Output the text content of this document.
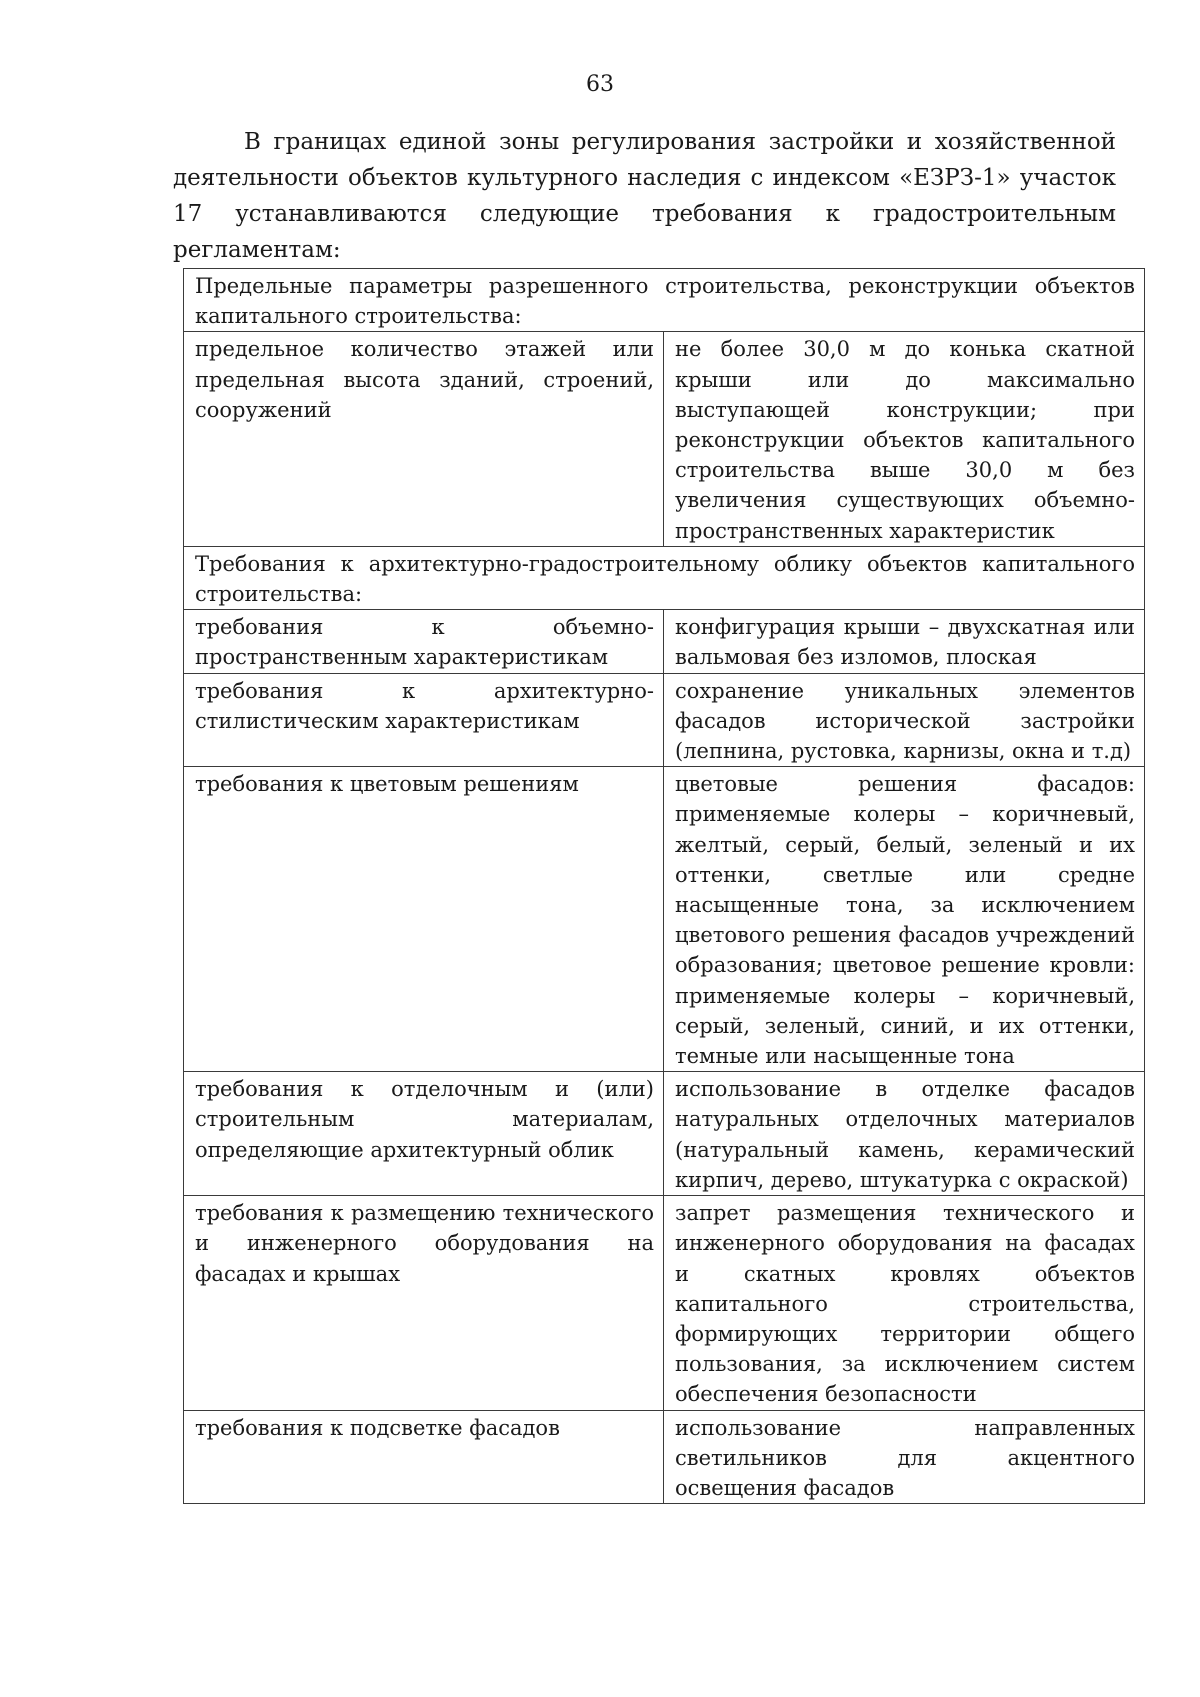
63

В границах единой зоны регулирования застройки и хозяйственной деятельности объектов культурного наследия с индексом «ЕЗРЗ-1» участок 17 устанавливаются следующие требования к градостроительным регламентам:

Предельные параметры разрешенного строительства, реконструкции объектов капитального строительства:	
предельное количество этажей или предельная высота зданий, строений, сооружений	не более 30,0 м до конька скатной крыши или до максимально выступающей конструкции; при реконструкции объектов капитального строительства выше 30,0 м без увеличения существующих объемно-пространственных характеристик
Требования к архитектурно-градостроительному облику объектов капитального строительства:	
требования к объемно-пространственным характеристикам	конфигурация крыши – двухскатная или вальмовая без изломов, плоская
требования к архитектурно-стилистическим характеристикам	сохранение уникальных элементов фасадов исторической застройки (лепнина, рустовка, карнизы, окна и т.д)
требования к цветовым решениям	цветовые решения фасадов: применяемые колеры – коричневый, желтый, серый, белый, зеленый и их оттенки, светлые или средне насыщенные тона, за исключением цветового решения фасадов учреждений образования; цветовое решение кровли: применяемые колеры – коричневый, серый, зеленый, синий, и их оттенки, темные или насыщенные тона
требования к отделочным и (или) строительным материалам, определяющие архитектурный облик	использование в отделке фасадов натуральных отделочных материалов (натуральный камень, керамический кирпич, дерево, штукатурка с окраской)
требования к размещению технического и инженерного оборудования на фасадах и крышах	запрет размещения технического и инженерного оборудования на фасадах и скатных кровлях объектов капитального строительства, формирующих территории общего пользования, за исключением систем обеспечения безопасности
требования к подсветке фасадов	использование направленных светильников для акцентного освещения фасадов
